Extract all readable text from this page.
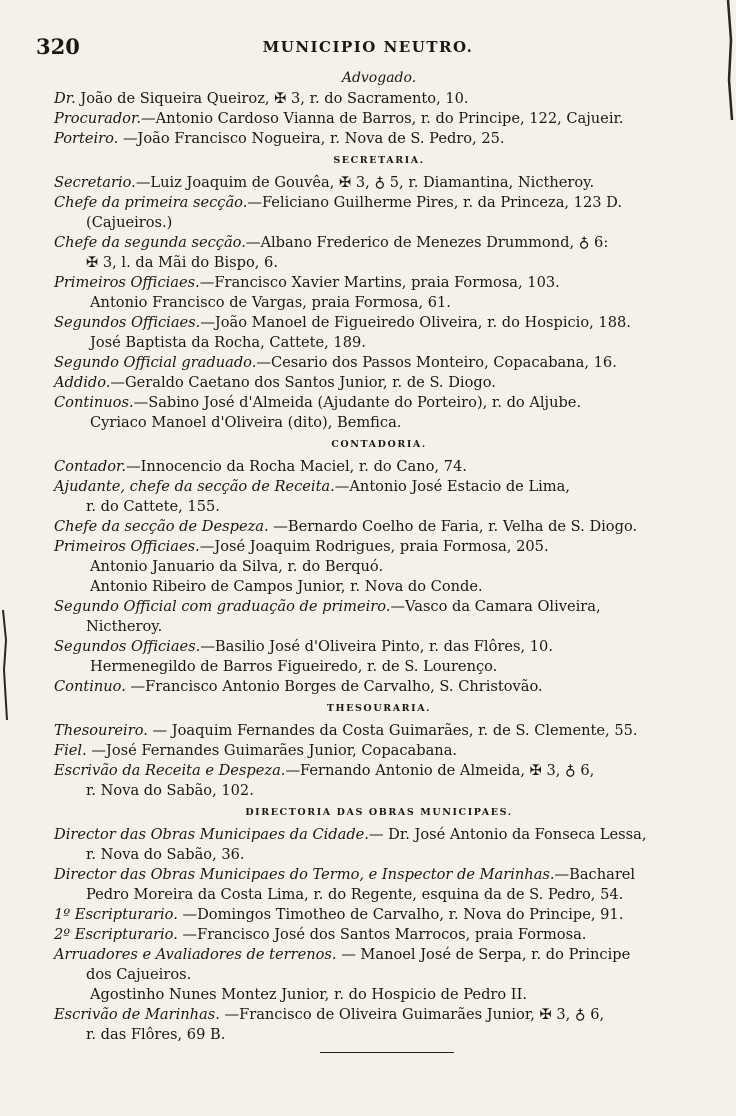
320	MUNICIPIO NEUTRO.
Advogado.
Dr. João de Siqueira Queiroz, ✠ 3, r. do Sacramento, 10.
Procurador.—Antonio Cardoso Vianna de Barros, r. do Principe, 122, Cajueir.
Porteiro. —João Francisco Nogueira, r. Nova de S. Pedro, 25.
SECRETARIA.
Secretario.—Luiz Joaquim de Gouvêa, ✠ 3, ♁ 5, r. Diamantina, Nictheroy.
Chefe da primeira secção.—Feliciano Guilherme Pires, r. da Princeza, 123 D.
(Cajueiros.)
Chefe da segunda secção.—Albano Frederico de Menezes Drummond, ♁ 6:
✠ 3, l. da Mãi do Bispo, 6.
Primeiros Officiaes.—Francisco Xavier Martins, praia Formosa, 103.
Antonio Francisco de Vargas, praia Formosa, 61.
Segundos Officiaes.—João Manoel de Figueiredo Oliveira, r. do Hospicio, 188.
José Baptista da Rocha, Cattete, 189.
Segundo Official graduado.—Cesario dos Passos Monteiro, Copacabana, 16.
Addido.—Geraldo Caetano dos Santos Junior, r. de S. Diogo.
Continuos.—Sabino José d'Almeida (Ajudante do Porteiro), r. do Aljube.
Cyriaco Manoel d'Oliveira (dito), Bemfica.
CONTADORIA.
Contador.—Innocencio da Rocha Maciel, r. do Cano, 74.
Ajudante, chefe da secção de Receita.—Antonio José Estacio de Lima,
r. do Cattete, 155.
Chefe da secção de Despeza. —Bernardo Coelho de Faria, r. Velha de S. Diogo.
Primeiros Officiaes.—José Joaquim Rodrigues, praia Formosa, 205.
Antonio Januario da Silva, r. do Berquó.
Antonio Ribeiro de Campos Junior, r. Nova do Conde.
Segundo Official com graduação de primeiro.—Vasco da Camara Oliveira,
Nictheroy.
Segundos Officiaes.—Basilio José d'Oliveira Pinto, r. das Flôres, 10.
Hermenegildo de Barros Figueiredo, r. de S. Lourenço.
Continuo. —Francisco Antonio Borges de Carvalho, S. Christovão.
THESOURARIA.
Thesoureiro. — Joaquim Fernandes da Costa Guimarães, r. de S. Clemente, 55.
Fiel. —José Fernandes Guimarães Junior, Copacabana.
Escrivão da Receita e Despeza.—Fernando Antonio de Almeida, ✠ 3, ♁ 6,
r. Nova do Sabão, 102.
DIRECTORIA DAS OBRAS MUNICIPAES.
Director das Obras Municipaes da Cidade.— Dr. José Antonio da Fonseca Lessa,
r. Nova do Sabão, 36.
Director das Obras Municipaes do Termo, e Inspector de Marinhas.—Bacharel
Pedro Moreira da Costa Lima, r. do Regente, esquina da de S. Pedro, 54.
1º Escripturario. —Domingos Timotheo de Carvalho, r. Nova do Principe, 91.
2º Escripturario. —Francisco José dos Santos Marrocos, praia Formosa.
Arruadores e Avaliadores de terrenos. — Manoel José de Serpa, r. do Principe
dos Cajueiros.
Agostinho Nunes Montez Junior, r. do Hospicio de Pedro II.
Escrivão de Marinhas. —Francisco de Oliveira Guimarães Junior, ✠ 3, ♁ 6,
r. das Flôres, 69 B.
